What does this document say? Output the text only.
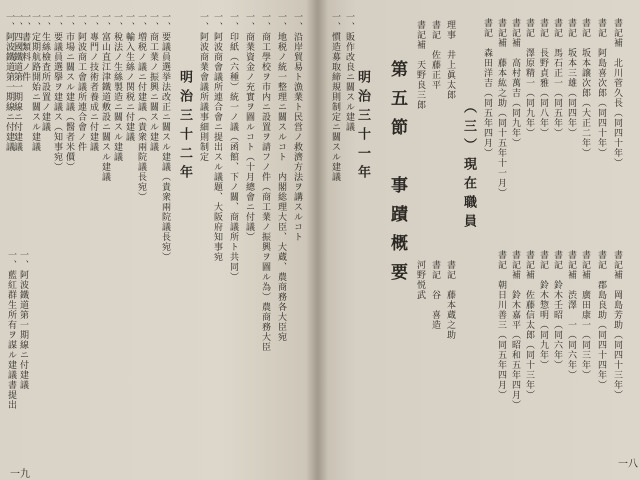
一九
一八
書記補　北川菅久長（同四十年）
書記　阿島喜次郎（同四十年）
書記　坂本譲次郎（大正二年）
書記　坂本三雄（同四年）
書記　馬石正一（同五年）
書記　長野貞雅（同八年）
書記　澤原精一（同九年）
書記補　高村萬吉（同九年）
書記補　藤本紘之助（同十五年十一月）
書記　森田洋吉（同五年四月）
書記補　岡島芳助（同四十三年）
書記　郡島良助（同四十四年）
書記補　廣田康一（同三年）
書記補　渋澤　一（同六年）
書記　鈴木壬昭（同六年）
書記　鈴木惣明（同九年）
書記補　佐藤信太郎（同十三年）
書記補　鈴木嘉平（昭和五年四月）
書記　朝日川善三（同五年四月）
（三）現在職員
理事　井上眞太郎
書記　佐藤正平
書記補　天野良三郎
書記　藤本蔵之助
書記　谷　喜造
河野悦武
第五節　事蹟概要
明治三十一年
一、販作改良ニ關スル建議
一、慣造募取締規則制定ニ關スル建議
一、沿岸貿易ト漁業ト民営ノ救濟方法ヲ講スルコト
一、地税ノ統一整理ニ關スルコト　内閣総理大臣、大蔵、農商務各大臣宛
一、商工學校ヲ市内ニ設置ヲ請フノ件（商工業ノ振興ヲ圖ル為）農商務大臣
一、商業資金ノ充實ヲ圖ルコト（十月總會ニ付議）
一、印紙（六種）統一ノ議（函館、下ノ關、商議所ト共同）
一、阿波商會議所連合會ニ提出スル議題、大阪府知事宛
一、阿波商業會議所議事細則制定
明治三十二年
一、要議員選挙法改正ニ關スル建議（貴衆兩院議長宛）
一、商工業ノ振興ニ關スル建議
一、増税ノ議ニ付建議（貴衆兩院議長宛）
一、輸入生絲ノ関税ニ付建議
一、稅法ノ生絲製造ニ關スル建議
一、富山直江津鐵道敷設ニ關スル建議
一、專門ノ技術者養成ニ付建議
一、阿波商工會議所連合會ノ件
一、市場ニ關スル建議（醫者米價）
一、要議員選擧ヲ建議ス（知事宛）
一、生絲檢査所設置ノ建議
一、定期航路開始ニ關スル建議
一、書類料ノ件
一、四國鐵道第一期線ニ付建議
一、阿波鐵道第一期線ニ付建議
一、阿波鐵道第一期線ニ付建議
一、藍紅群生所有ヲ謀ル建議書提出
